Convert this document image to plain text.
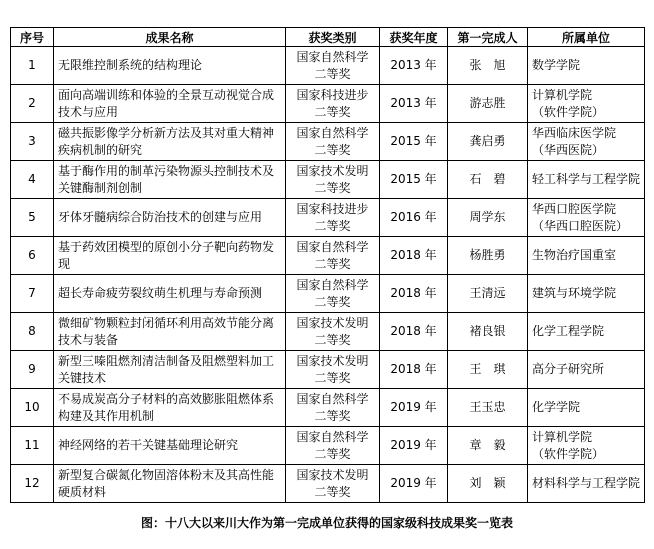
序号	成果名称	获奖类别	获奖年度	第一完成人	所属单位
1	无限维控制系统的结构理论	国家自然科学
二等奖	2013 年	张　旭	数学学院

2	面向高端训练和体验的全景互动视觉合成技术与应用	国家科技进步
二等奖	2013 年	游志胜	计算机学院
（软件学院）

3	磁共振影像学分析新方法及其对重大精神疾病机制的研究	国家自然科学
二等奖	2015 年	龚启勇	华西临床医学院
（华西医院）

4	基于酶作用的制革污染物源头控制技术及关键酶制剂创制	国家技术发明
二等奖	2015 年	石　碧	轻工科学与工程学院

5	牙体牙髓病综合防治技术的创建与应用	国家科技进步
二等奖	2016 年	周学东	华西口腔医学院
（华西口腔医院）

6	基于药效团模型的原创小分子靶向药物发现	国家自然科学
二等奖	2018 年	杨胜勇	生物治疗国重室

7	超长寿命疲劳裂纹萌生机理与寿命预测	国家自然科学
二等奖	2018 年	王清远	建筑与环境学院

8	微细矿物颗粒封闭循环利用高效节能分离技术与装备	国家技术发明
二等奖	2018 年	褚良银	化学工程学院

9	新型三嗪阻燃剂清洁制备及阻燃塑料加工关键技术	国家技术发明
二等奖	2018 年	王　琪	高分子研究所

10	不易成炭高分子材料的高效膨胀阻燃体系构建及其作用机制	国家自然科学
二等奖	2019 年	王玉忠	化学学院

11	神经网络的若干关键基础理论研究	国家自然科学
二等奖	2019 年	章　毅	计算机学院
（软件学院）

12	新型复合碳氮化物固溶体粉末及其高性能硬质材料	国家技术发明
二等奖	2019 年	刘　颖	材料科学与工程学院
图：十八大以来川大作为第一完成单位获得的国家级科技成果奖一览表
